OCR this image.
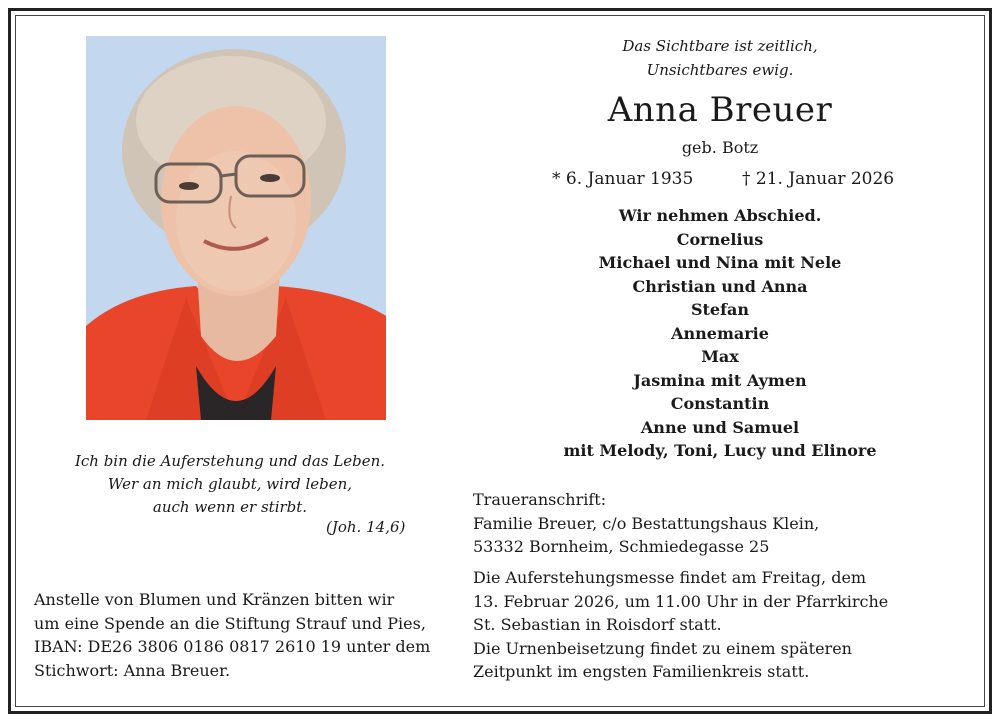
Ich bin die Auferstehung und das Leben.
Wer an mich glaubt, wird leben,
auch wenn er stirbt.
(Joh. 14,6)
Anstelle von Blumen und Kränzen bitten wir
um eine Spende an die Stiftung Strauf und Pies,
IBAN: DE26 3806 0186 0817 2610 19 unter dem
Stichwort: Anna Breuer.
Das Sichtbare ist zeitlich,
Unsichtbares ewig.
Anna Breuer
geb. Botz
* 6. Januar 1935	† 21. Januar 2026
Wir nehmen Abschied.
Cornelius
Michael und Nina mit Nele
Christian und Anna
Stefan
Annemarie
Max
Jasmina mit Aymen
Constantin
Anne und Samuel
mit Melody, Toni, Lucy und Elinore
Traueranschrift:
Familie Breuer, c/o Bestattungshaus Klein,
53332 Bornheim, Schmiedegasse 25
Die Auferstehungsmesse findet am Freitag, dem
13. Februar 2026, um 11.00 Uhr in der Pfarrkirche
St. Sebastian in Roisdorf statt.
Die Urnenbeisetzung findet zu einem späteren
Zeitpunkt im engsten Familienkreis statt.
